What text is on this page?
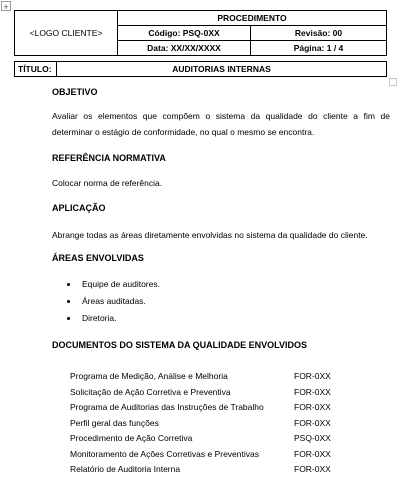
+
<LOGO CLIENTE>	PROCEDIMENTO	
	Código: PSQ-0XX	Revisão: 00
	Data: XX/XX/XXXX	Página: 1 / 4
TÍTULO:	AUDITORIAS INTERNAS
OBJETIVO

Avaliar os elementos que compõem o sistema da qualidade do cliente a fim de determinar o estágio de conformidade, no qual o mesmo se encontra.

REFERÊNCIA NORMATIVA

Colocar norma de referência.

APLICAÇÃO

Abrange todas as áreas diretamente envolvidas no sistema da qualidade do cliente.

ÁREAS ENVOLVIDAS
Equipe de auditores.
Áreas auditadas.
Diretoria.
DOCUMENTOS DO SISTEMA DA QUALIDADE ENVOLVIDOS
Programa de Medição, Análise e Melhoria	FOR-0XX
Solicitação de Ação Corretiva e Preventiva	FOR-0XX
Programa de Auditorias das Instruções de Trabalho	FOR-0XX
Perfil geral das funções	FOR-0XX
Procedimento de Ação Corretiva	PSQ-0XX
Monitoramento de Ações Corretivas e Preventivas	FOR-0XX
Relatório de Auditoria Interna	FOR-0XX
